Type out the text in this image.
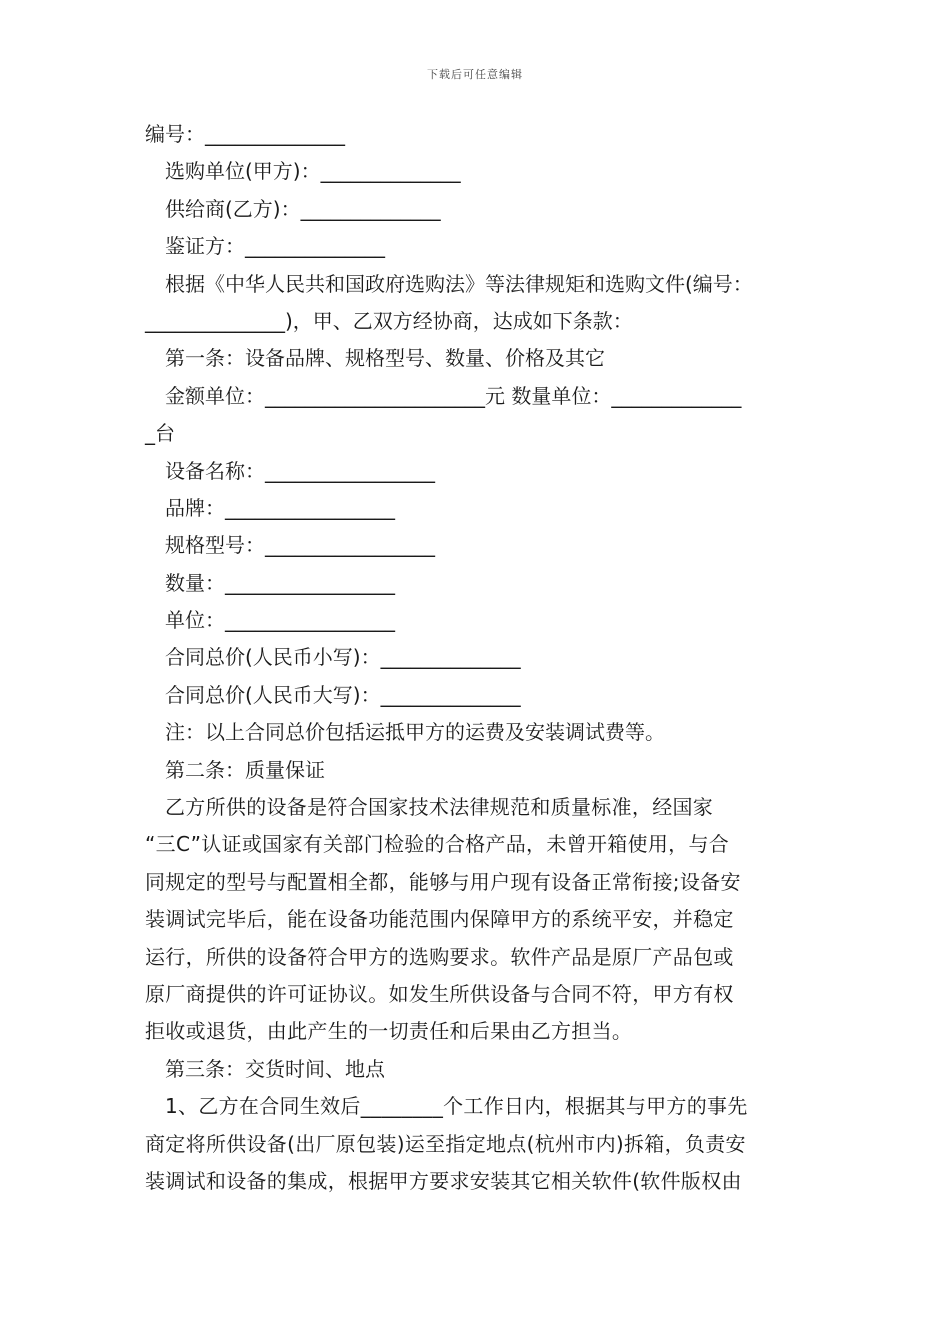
下载后可任意编辑
编号：______________
选购单位(甲方)：______________
供给商(乙方)：______________
鉴证方：______________
根据《中华人民共和国政府选购法》等法律规矩和选购文件(编号：
______________)，甲、乙双方经协商，达成如下条款：
第一条：设备品牌、规格型号、数量、价格及其它
金额单位：______________________元 数量单位：_____________
_台
设备名称：_________________
品牌：_________________
规格型号：_________________
数量：_________________
单位：_________________
合同总价(人民币小写)：______________
合同总价(人民币大写)：______________
注：以上合同总价包括运抵甲方的运费及安装调试费等。
第二条：质量保证
乙方所供的设备是符合国家技术法律规范和质量标准，经国家
“三C”认证或国家有关部门检验的合格产品，未曾开箱使用，与合
同规定的型号与配置相全都，能够与用户现有设备正常衔接;设备安
装调试完毕后，能在设备功能范围内保障甲方的系统平安，并稳定
运行，所供的设备符合甲方的选购要求。软件产品是原厂产品包或
原厂商提供的许可证协议。如发生所供设备与合同不符，甲方有权
拒收或退货，由此产生的一切责任和后果由乙方担当。
第三条：交货时间、地点
1、乙方在合同生效后________个工作日内，根据其与甲方的事先
商定将所供设备(出厂原包装)运至指定地点(杭州市内)拆箱，负责安
装调试和设备的集成，根据甲方要求安装其它相关软件(软件版权由
